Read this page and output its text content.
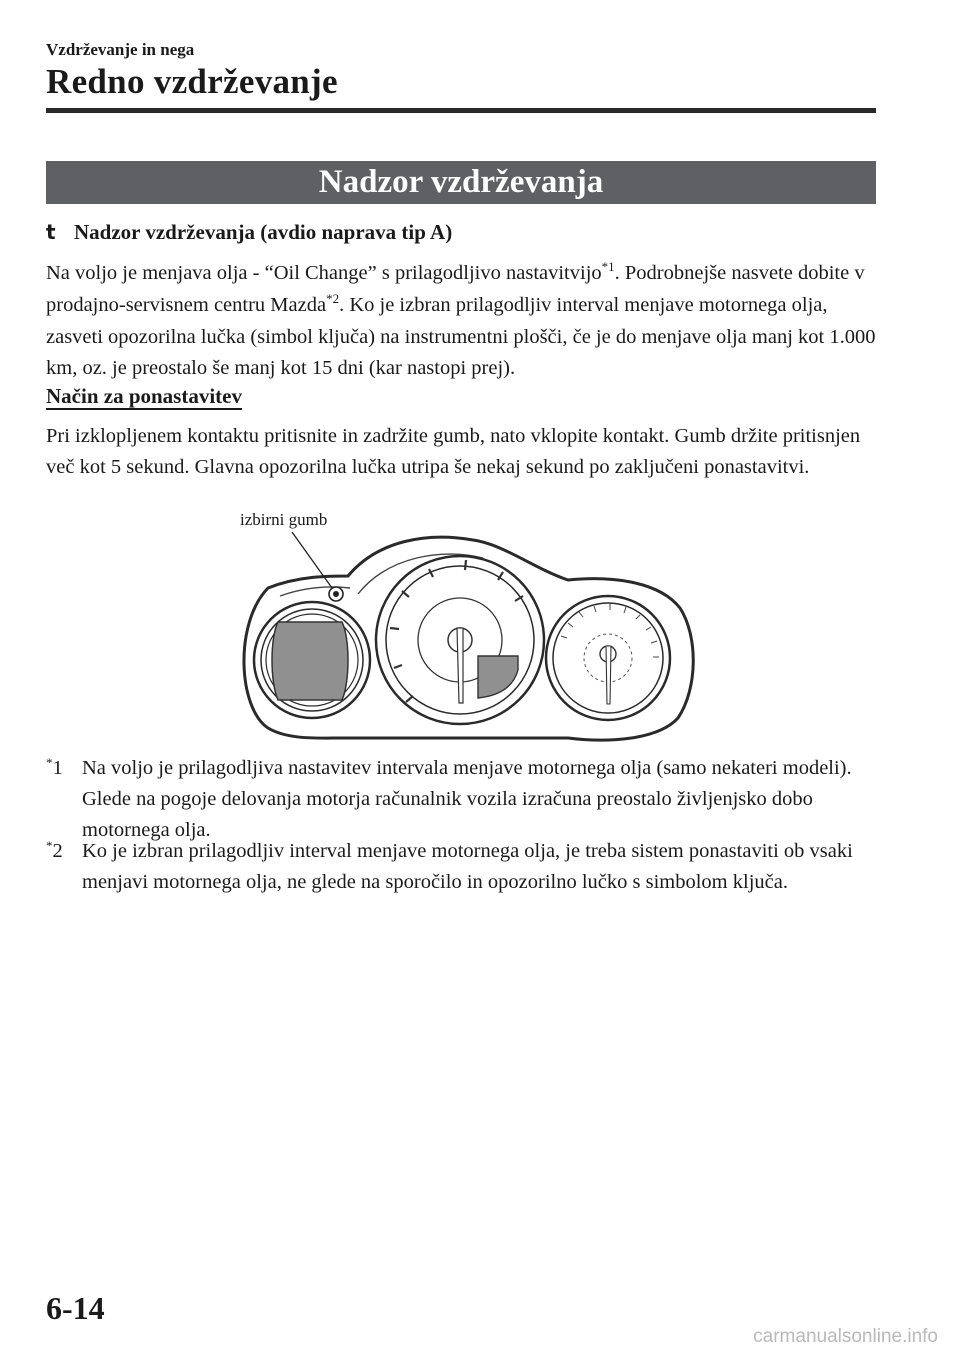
Vzdrževanje in nega
Redno vzdrževanje
Nadzor vzdrževanja
t Nadzor vzdrževanja (avdio naprava tip A)
Na voljo je menjava olja - “Oil Change” s prilagodljivo nastavitvijo$^{*1}$. Podrobnejše nasvete dobite v prodajno-servisnem centru Mazda$^{*2}$. Ko je izbran prilagodljiv interval menjave motornega olja, zasveti opozorilna lučka (simbol ključa) na instrumentni plošči, če je do menjave olja manj kot 1.000 km, oz. je preostalo še manj kot 15 dni (kar nastopi prej).
Način za ponastavitev
Pri izklopljenem kontaktu pritisnite in zadržite gumb, nato vklopite kontakt. Gumb držite pritisnjen več kot 5 sekund. Glavna opozorilna lučka utripa še nekaj sekund po zaključeni ponastavitvi.
izbirni gumb
*1 Na voljo je prilagodljiva nastavitev intervala menjave motornega olja (samo nekateri modeli). Glede na pogoje delovanja motorja računalnik vozila izračuna preostalo življenjsko dobo motornega olja.
*2 Ko je izbran prilagodljiv interval menjave motornega olja, je treba sistem ponastaviti ob vsaki menjavi motornega olja, ne glede na sporočilo in opozorilno lučko s simbolom ključa.
6-14
carmanualsonline.info
